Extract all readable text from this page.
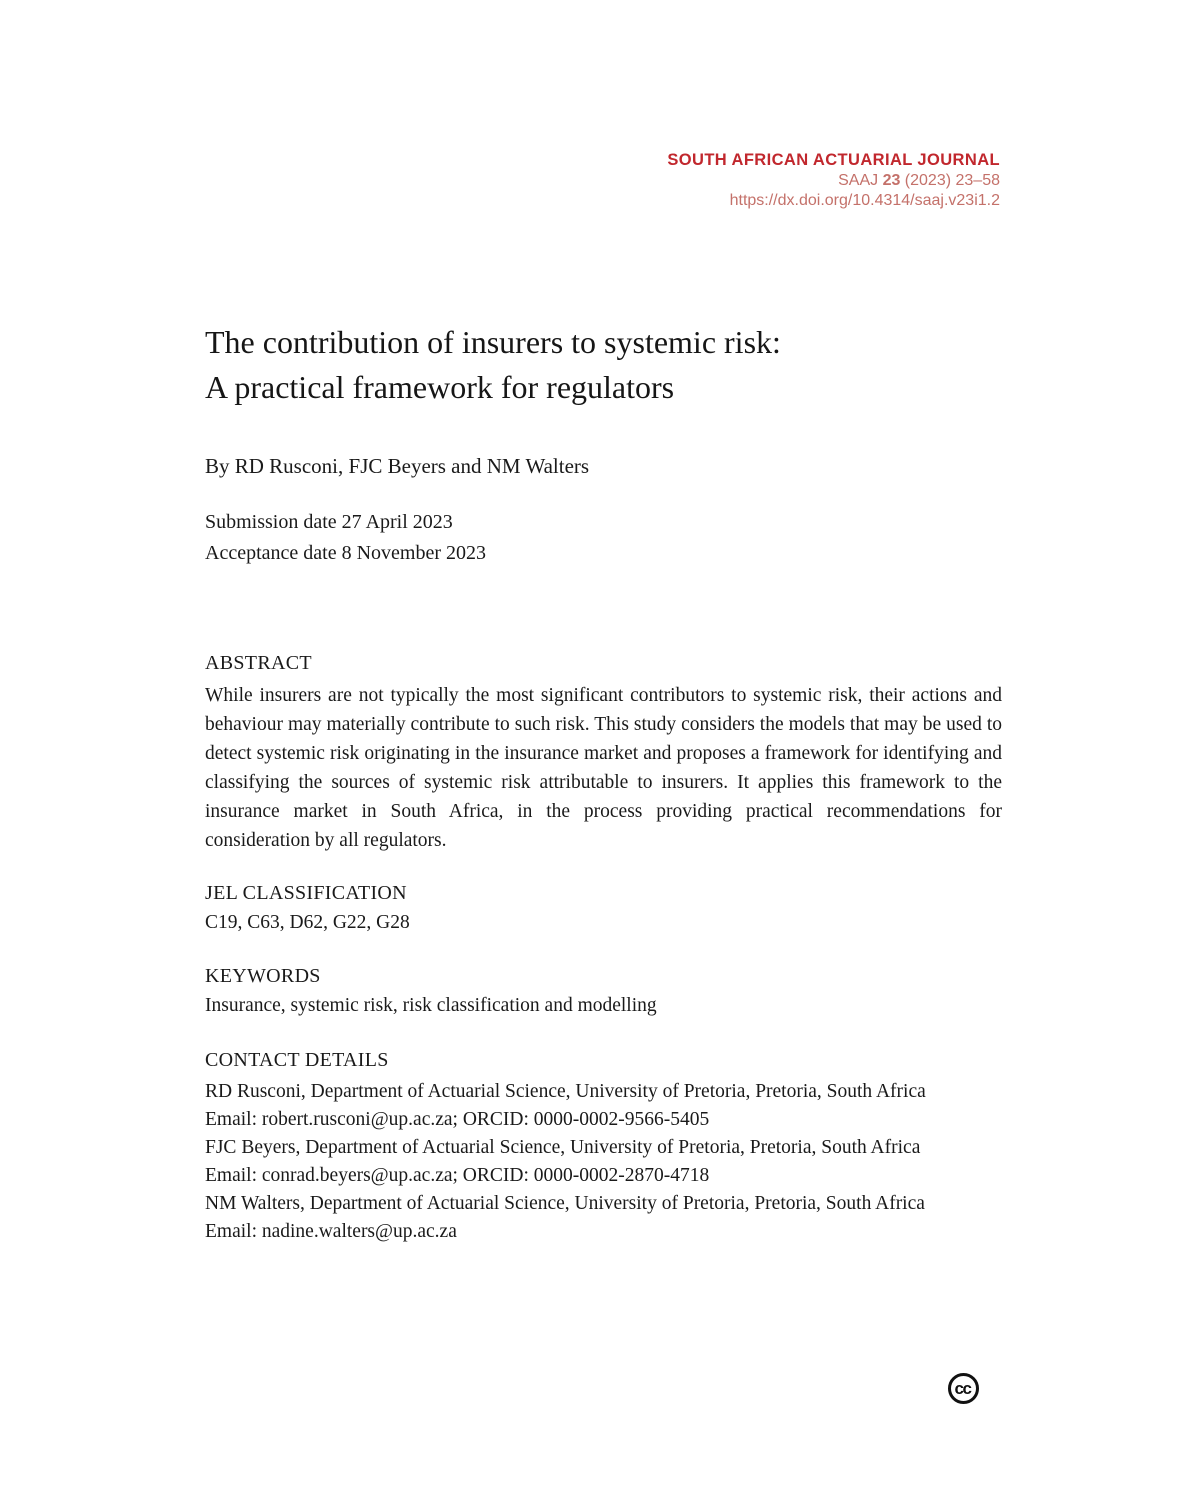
SOUTH AFRICAN ACTUARIAL JOURNAL
SAAJ 23 (2023) 23–58
https://dx.doi.org/10.4314/saaj.v23i1.2
The contribution of insurers to systemic risk:
A practical framework for regulators
By RD Rusconi, FJC Beyers and NM Walters
Submission date 27 April 2023
Acceptance date 8 November 2023
ABSTRACT

While insurers are not typically the most significant contributors to systemic risk, their actions and behaviour may materially contribute to such risk. This study considers the models that may be used to detect systemic risk originating in the insurance market and proposes a framework for identifying and classifying the sources of systemic risk attributable to insurers. It applies this framework to the insurance market in South Africa, in the process providing practical recommendations for consideration by all regulators.

JEL CLASSIFICATION

C19, C63, D62, G22, G28

KEYWORDS

Insurance, systemic risk, risk classification and modelling

CONTACT DETAILS
RD Rusconi, Department of Actuarial Science, University of Pretoria, Pretoria, South Africa
Email: robert.rusconi@up.ac.za; ORCID: 0000-0002-9566-5405
FJC Beyers, Department of Actuarial Science, University of Pretoria, Pretoria, South Africa
Email: conrad.beyers@up.ac.za; ORCID: 0000-0002-2870-4718
NM Walters, Department of Actuarial Science, University of Pretoria, Pretoria, South Africa
Email: nadine.walters@up.ac.za
cc
